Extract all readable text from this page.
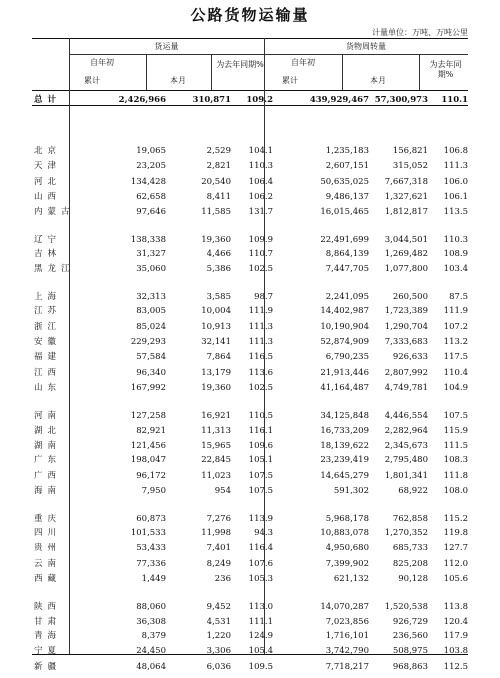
公路货物运输量
计量单位：万吨、万吨公里
货运量	货物周转量
自年初
累计	本月
为去年同期%	自年初
累计	本月
为去年同期%
总计	2,426,966	310,871 109.2	439,929,467 57,300,973 110.1
北京	19,065	2,529 104.1	1,235,183	156,821 106.8
天津	23,205	2,821 110.3	2,607,151	315,052 111.3
河北	134,428	20,540 106.4	50,635,025 7,667,318 106.0
山西	62,658	8,411 106.2	9,486,137 1,327,621 106.1
内蒙古	97,646	11,585 131.7	16,015,465 1,812,817 113.5
辽宁	138,338	19,360 109.9	22,491,699 3,044,501 110.3
吉林	31,327	4,466 110.7	8,864,139 1,269,482 108.9
黑龙江	35,060	5,386 102.5	7,447,705 1,077,800 103.4
上海	32,313	3,585	98.7	2,241,095	260,500 87.5
江苏	83,005	10,004 111.9	14,402,987 1,723,389 111.9
浙江	85,024	10,913 111.3	10,190,904 1,290,704 107.2
安徽	229,293	32,141 111.3	52,874,909 7,333,683 113.2
福建	57,584	7,864 116.5	6,790,235	926,633 117.5
江西	96,340	13,179 113.6	21,913,446 2,807,992 110.4
山东	167,992	19,360 102.5	41,164,487 4,749,781 104.9
河南	127,258	16,921 110.5	34,125,848 4,446,554 107.5
湖北	82,921	11,313 116.1	16,733,209 2,282,964 115.9
湖南	121,456	15,965 109.6	18,139,622 2,345,673 111.5
广东	198,047	22,845 105.1	23,239,419 2,795,480 108.3
广西	96,172	11,023 107.5	14,645,279 1,801,341 111.8
海南	7,950	954 107.5	591,302	68,922 108.0
重庆	60,873	7,276 113.9	5,968,178	762,858 115.2
四川	101,533	11,998	94.3	10,883,078 1,270,352 119.8
贵州	53,433	7,401 116.4	4,950,680	685,733 127.7
云南	77,336	8,249 107.6	7,399,902	825,208 112.0
西藏	1,449	236 105.3	621,132	90,128 105.6
陕西	88,060	9,452 113.0	14,070,287 1,520,538 113.8
甘肃	36,308	4,531 111.1	7,023,856	926,729 120.4
青海	8,379	1,220 124.9	1,716,101	236,560 117.9
宁夏	24,450	3,306 105.4	3,742,790	508,975 103.8
新疆	48,064	6,036 109.5	7,718,217	968,863 112.5
